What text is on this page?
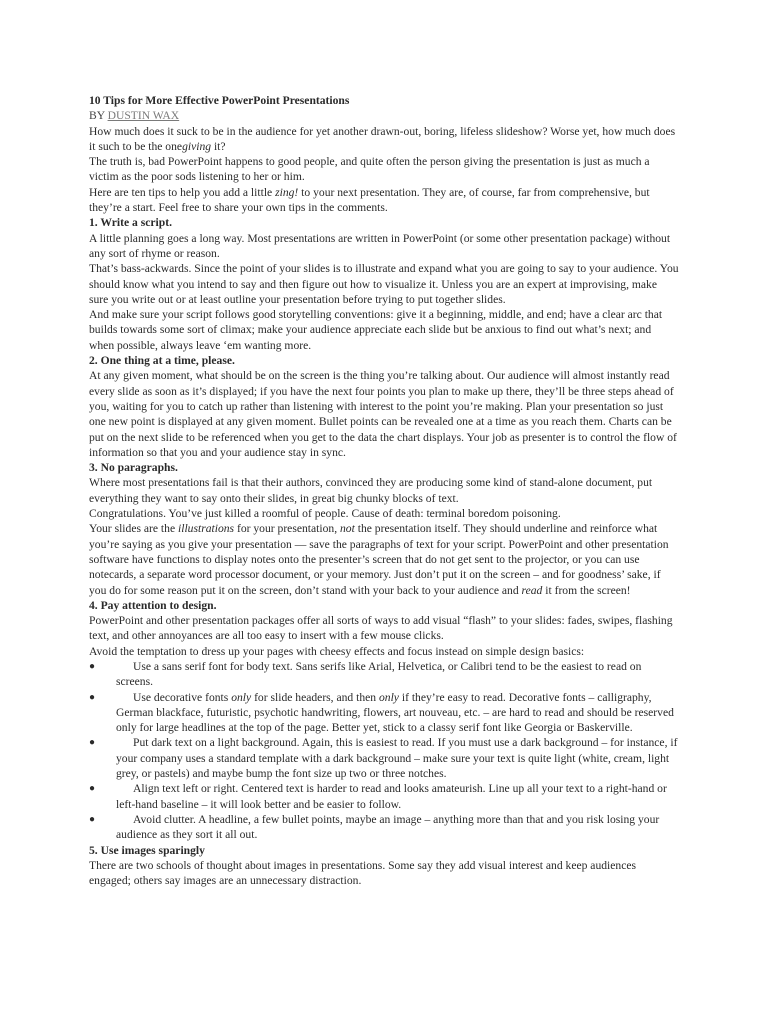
10 Tips for More Effective PowerPoint Presentations

BY DUSTIN WAX

How much does it suck to be in the audience for yet another drawn-out, boring, lifeless slideshow? Worse yet, how much does it such to be the onegiving it?

The truth is, bad PowerPoint happens to good people, and quite often the person giving the presentation is just as much a victim as the poor sods listening to her or him.

Here are ten tips to help you add a little zing! to your next presentation. They are, of course, far from comprehensive, but they’re a start. Feel free to share your own tips in the comments.

1. Write a script.

A little planning goes a long way. Most presentations are written in PowerPoint (or some other presentation package) without any sort of rhyme or reason.

That’s bass-ackwards. Since the point of your slides is to illustrate and expand what you are going to say to your audience. You should know what you intend to say and then figure out how to visualize it. Unless you are an expert at improvising, make sure you write out or at least outline your presentation before trying to put together slides.

And make sure your script follows good storytelling conventions: give it a beginning, middle, and end; have a clear arc that builds towards some sort of climax; make your audience appreciate each slide but be anxious to find out what’s next; and when possible, always leave ‘em wanting more.

2. One thing at a time, please.

At any given moment, what should be on the screen is the thing you’re talking about. Our audience will almost instantly read every slide as soon as it’s displayed; if you have the next four points you plan to make up there, they’ll be three steps ahead of you, waiting for you to catch up rather than listening with interest to the point you’re making. Plan your presentation so just one new point is displayed at any given moment. Bullet points can be revealed one at a time as you reach them. Charts can be put on the next slide to be referenced when you get to the data the chart displays. Your job as presenter is to control the flow of information so that you and your audience stay in sync.

3. No paragraphs.

Where most presentations fail is that their authors, convinced they are producing some kind of stand-alone document, put everything they want to say onto their slides, in great big chunky blocks of text.

Congratulations. You’ve just killed a roomful of people. Cause of death: terminal boredom poisoning.

Your slides are the illustrations for your presentation, not the presentation itself. They should underline and reinforce what you’re saying as you give your presentation — save the paragraphs of text for your script. PowerPoint and other presentation software have functions to display notes onto the presenter’s screen that do not get sent to the projector, or you can use notecards, a separate word processor document, or your memory. Just don’t put it on the screen – and for goodness’ sake, if you do for some reason put it on the screen, don’t stand with your back to your audience and read it from the screen!

4. Pay attention to design.

PowerPoint and other presentation packages offer all sorts of ways to add visual “flash” to your slides: fades, swipes, flashing text, and other annoyances are all too easy to insert with a few mouse clicks.

Avoid the temptation to dress up your pages with cheesy effects and focus instead on simple design basics:

●	Use a sans serif font for body text. Sans serifs like Arial, Helvetica, or Calibri tend to be the easiest to read on screens.
●	Use decorative fonts only for slide headers, and then only if they’re easy to read. Decorative fonts – calligraphy, German blackface, futuristic, psychotic handwriting, flowers, art nouveau, etc. – are hard to read and should be reserved only for large headlines at the top of the page. Better yet, stick to a classy serif font like Georgia or Baskerville.
●	Put dark text on a light background. Again, this is easiest to read. If you must use a dark background – for instance, if your company uses a standard template with a dark background – make sure your text is quite light (white, cream, light grey, or pastels) and maybe bump the font size up two or three notches.
●	Align text left or right. Centered text is harder to read and looks amateurish. Line up all your text to a right-hand or left-hand baseline – it will look better and be easier to follow.
●	Avoid clutter. A headline, a few bullet points, maybe an image – anything more than that and you risk losing your audience as they sort it all out.
5. Use images sparingly

There are two schools of thought about images in presentations. Some say they add visual interest and keep audiences engaged; others say images are an unnecessary distraction.
